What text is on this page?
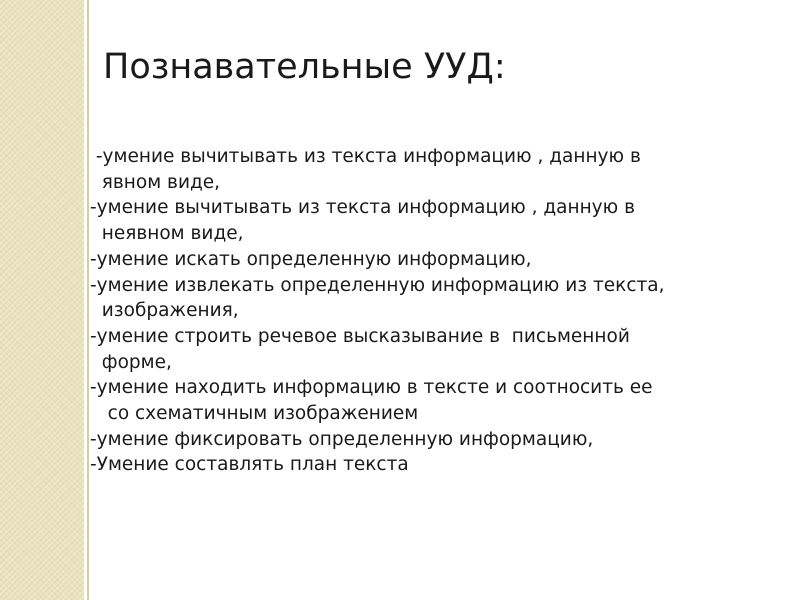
Познавательные УУД:
-умение вычитывать из текста информацию , данную в
явном виде,
-умение вычитывать из текста информацию , данную в
неявном виде,
-умение искать определенную информацию,
-умение извлекать определенную информацию из текста,
изображения,
-умение строить речевое высказывание в  письменной
форме,
-умение находить информацию в тексте и соотносить ее
со схематичным изображением
-умение фиксировать определенную информацию,
-Умение составлять план текста
